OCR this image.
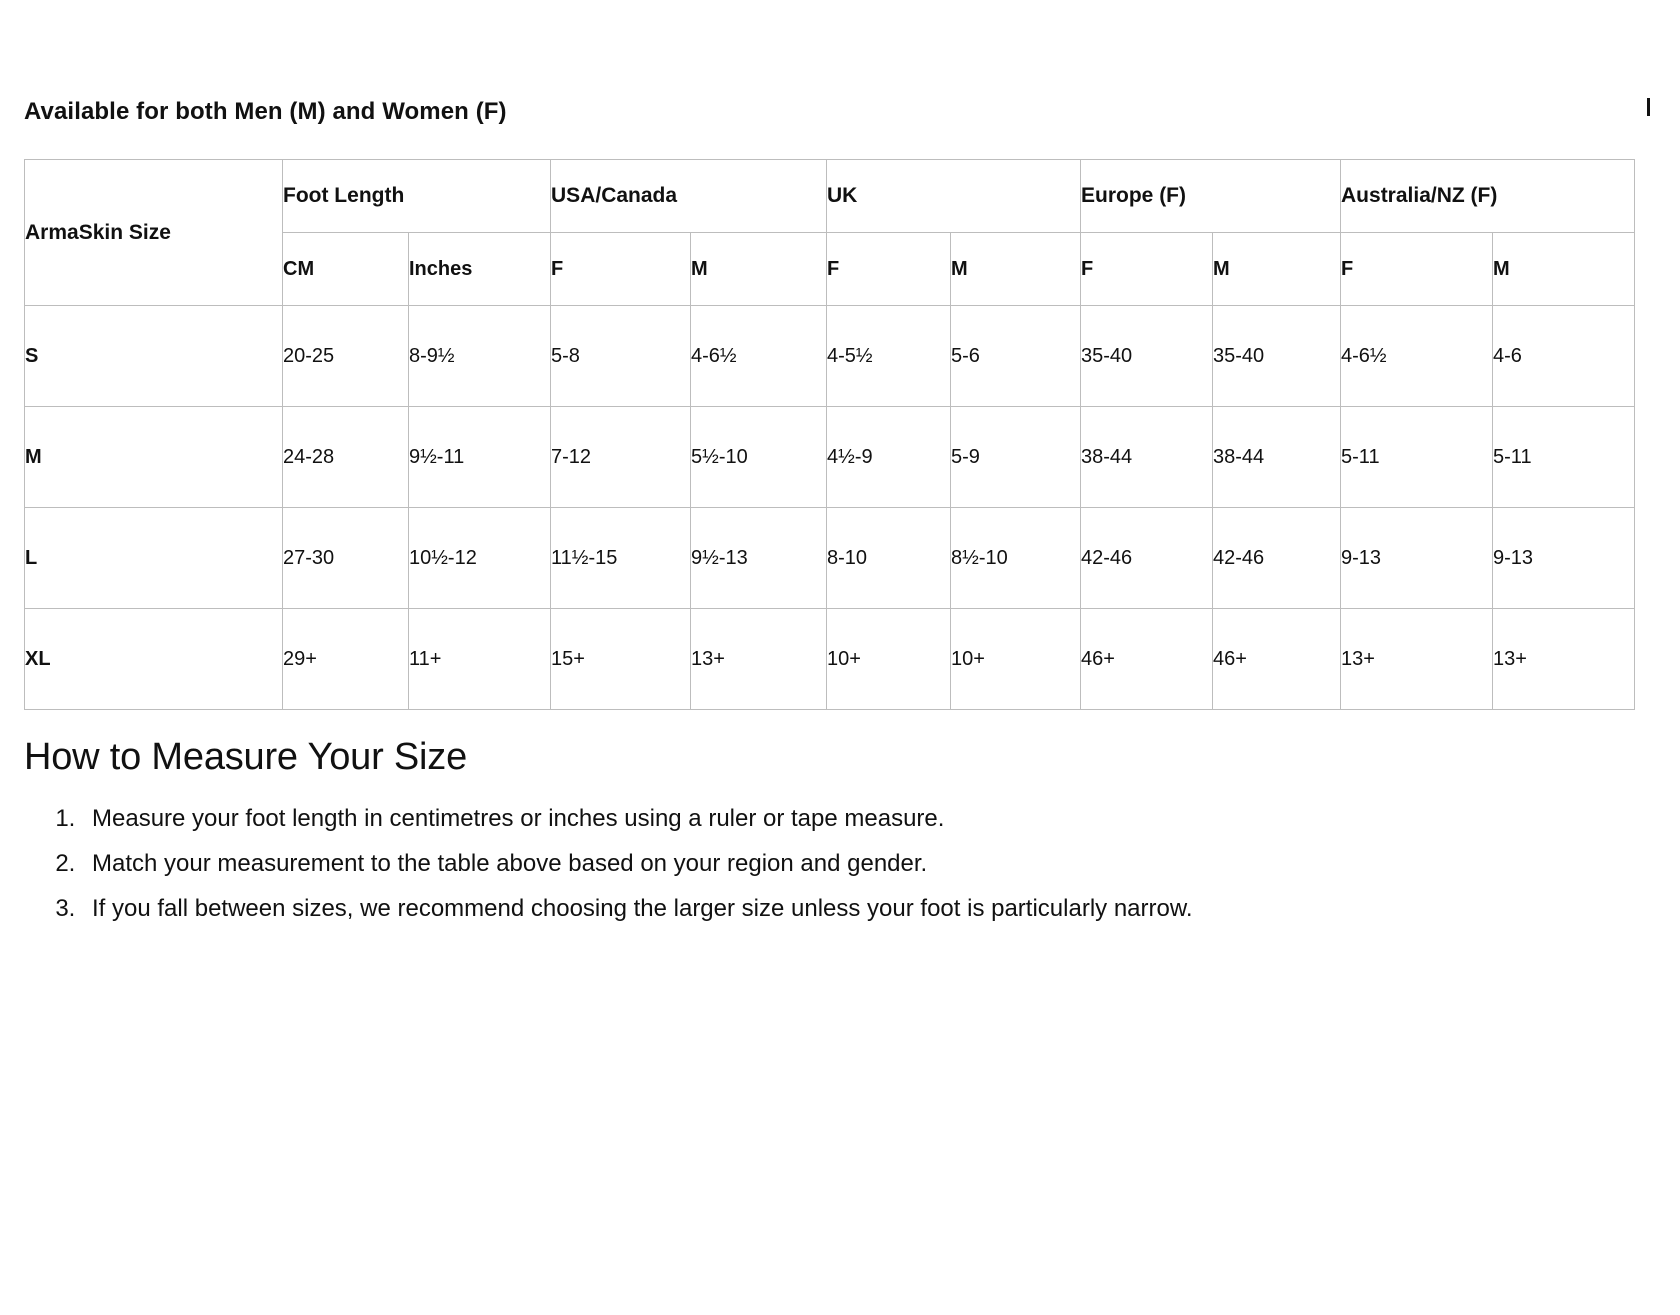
Available for both Men (M) and Women (F)
ArmaSkin Size	Foot Length		USA/Canada		UK		Europe (F)		Australia/NZ (F)	
	CM	Inches	F	M	F	M	F	M	F	M
S	20-25	8-9½	5-8	4-6½	4-5½	5-6	35-40	35-40	4-6½	4-6
M	24-28	9½-11	7-12	5½-10	4½-9	5-9	38-44	38-44	5-11	5-11
L	27-30	10½-12	11½-15	9½-13	8-10	8½-10	42-46	42-46	9-13	9-13
XL	29+	11+	15+	13+	10+	10+	46+	46+	13+	13+
How to Measure Your Size
1. Measure your foot length in centimetres or inches using a ruler or tape measure.
2. Match your measurement to the table above based on your region and gender.
3. If you fall between sizes, we recommend choosing the larger size unless your foot is particularly narrow.
